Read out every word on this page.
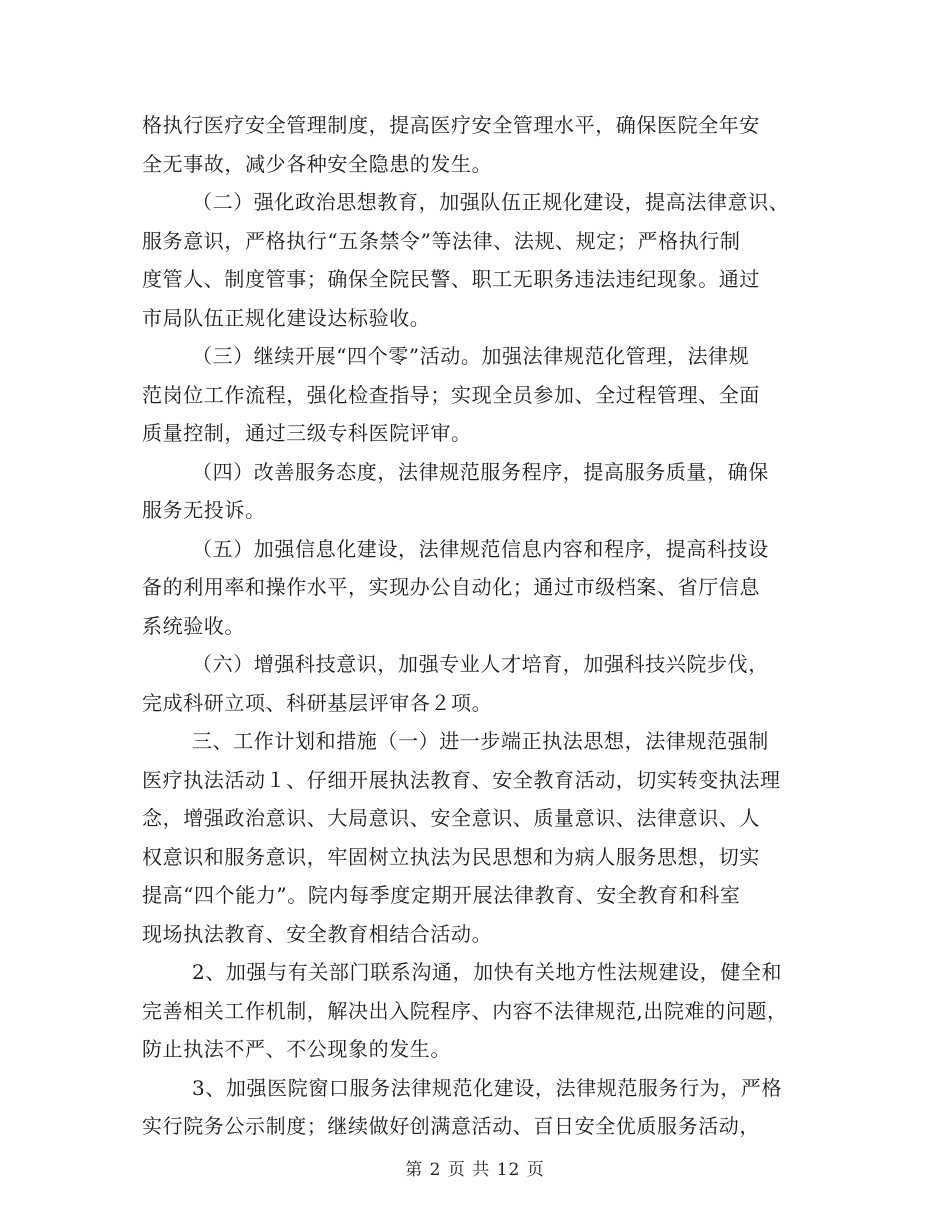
格执行医疗安全管理制度，提高医疗安全管理水平，确保医院全年安
全无事故，减少各种安全隐患的发生。

（二）强化政治思想教育，加强队伍正规化建设，提高法律意识、
服务意识，严格执行“五条禁令”等法律、法规、规定；严格执行制
度管人、制度管事；确保全院民警、职工无职务违法违纪现象。通过
市局队伍正规化建设达标验收。

（三）继续开展“四个零”活动。加强法律规范化管理，法律规
范岗位工作流程，强化检查指导；实现全员参加、全过程管理、全面
质量控制，通过三级专科医院评审。

（四）改善服务态度，法律规范服务程序，提高服务质量，确保
服务无投诉。

（五）加强信息化建设，法律规范信息内容和程序，提高科技设
备的利用率和操作水平，实现办公自动化；通过市级档案、省厅信息
系统验收。

（六）增强科技意识，加强专业人才培育，加强科技兴院步伐，
完成科研立项、科研基层评审各２项。

三、工作计划和措施（一）进一步端正执法思想，法律规范强制
医疗执法活动１、仔细开展执法教育、安全教育活动，切实转变执法理
念，增强政治意识、大局意识、安全意识、质量意识、法律意识、人
权意识和服务意识，牢固树立执法为民思想和为病人服务思想，切实
提高“四个能力”。院内每季度定期开展法律教育、安全教育和科室
现场执法教育、安全教育相结合活动。

2、加强与有关部门联系沟通，加快有关地方性法规建设，健全和
完善相关工作机制，解决出入院程序、内容不法律规范,出院难的问题，
防止执法不严、不公现象的发生。

3、加强医院窗口服务法律规范化建设，法律规范服务行为，严格
实行院务公示制度；继续做好创满意活动、百日安全优质服务活动，

第 2 页 共 12 页
